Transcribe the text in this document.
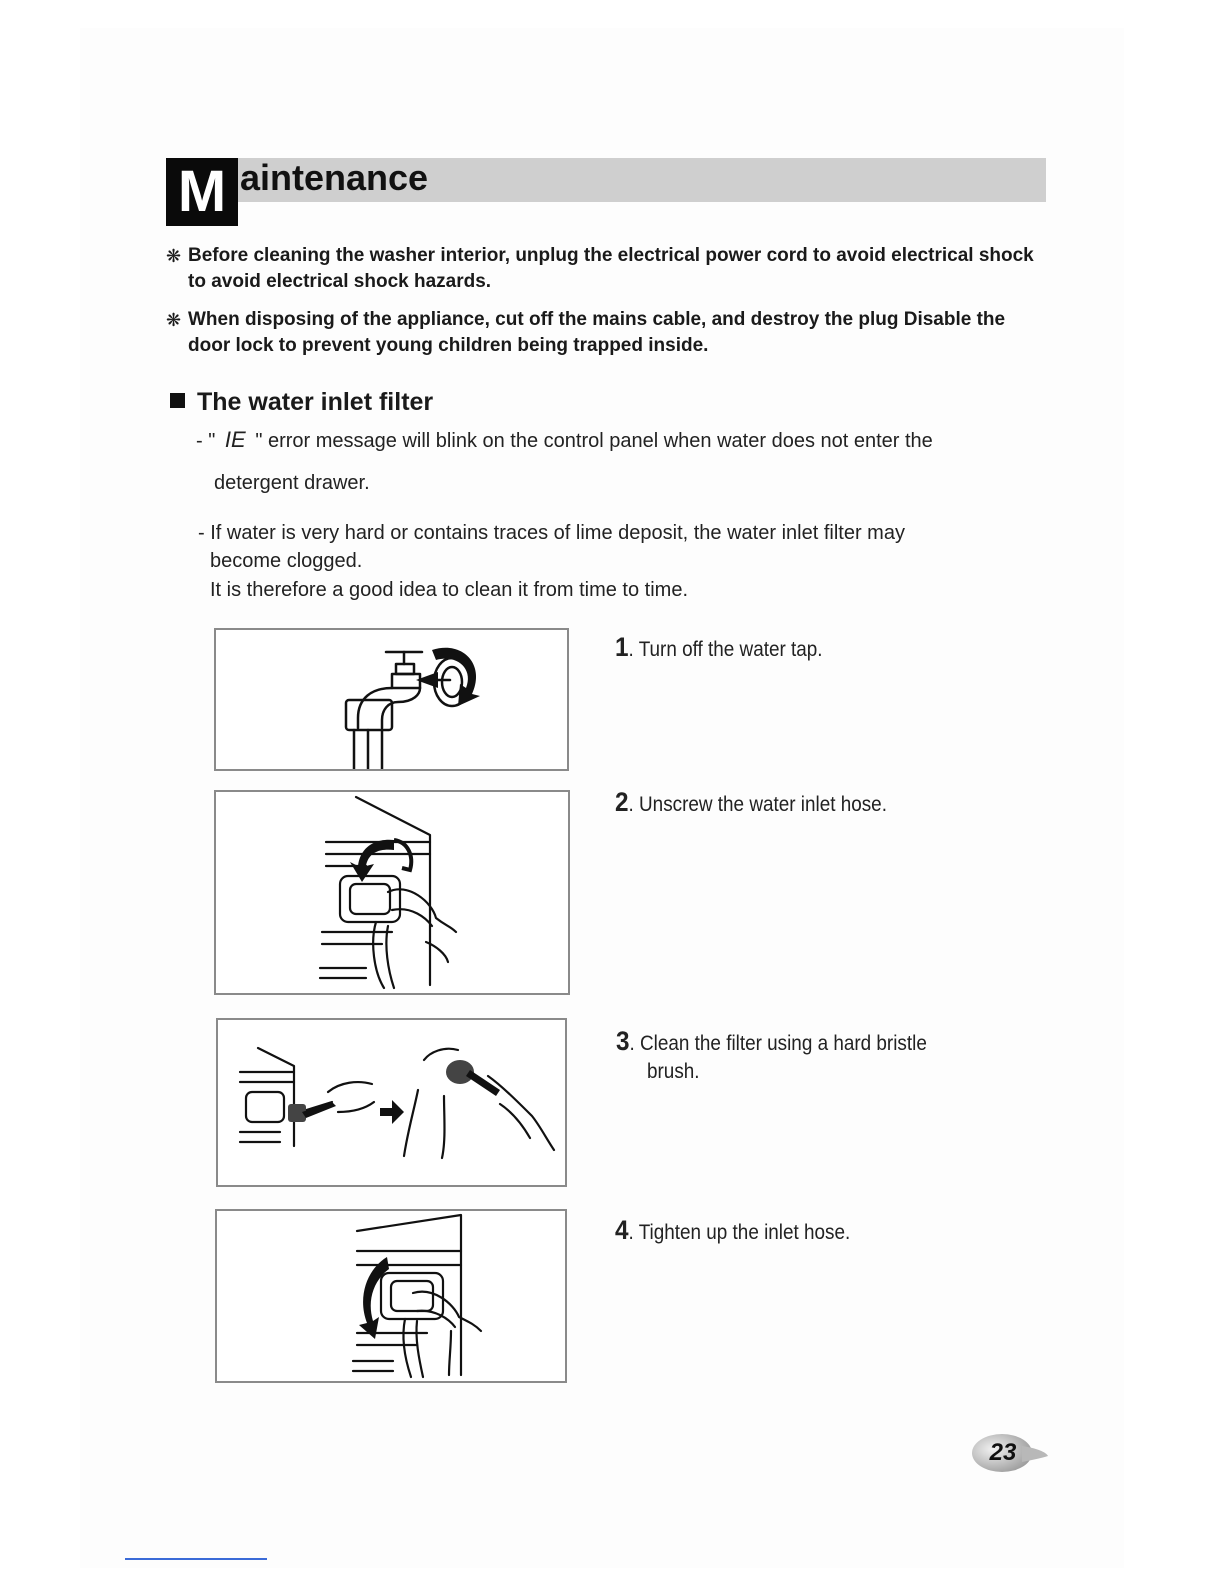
M aintenance
❋ Before cleaning the washer interior, unplug the electrical power cord to avoid electrical shock to avoid electrical shock hazards.
❋ When disposing of the appliance, cut off the mains cable, and destroy the plug Disable the door lock to prevent young children being trapped inside.
The water inlet filter
- " IE " error message will blink on the control panel when water does not enter the
detergent drawer.
- If water is very hard or contains traces of lime deposit, the water inlet filter may
become clogged.
It is therefore a good idea to clean it from time to time.
1. Turn off the water tap.
2. Unscrew the water inlet hose.
3. Clean the filter using a hard bristle
brush.
4. Tighten up the inlet hose.
23
